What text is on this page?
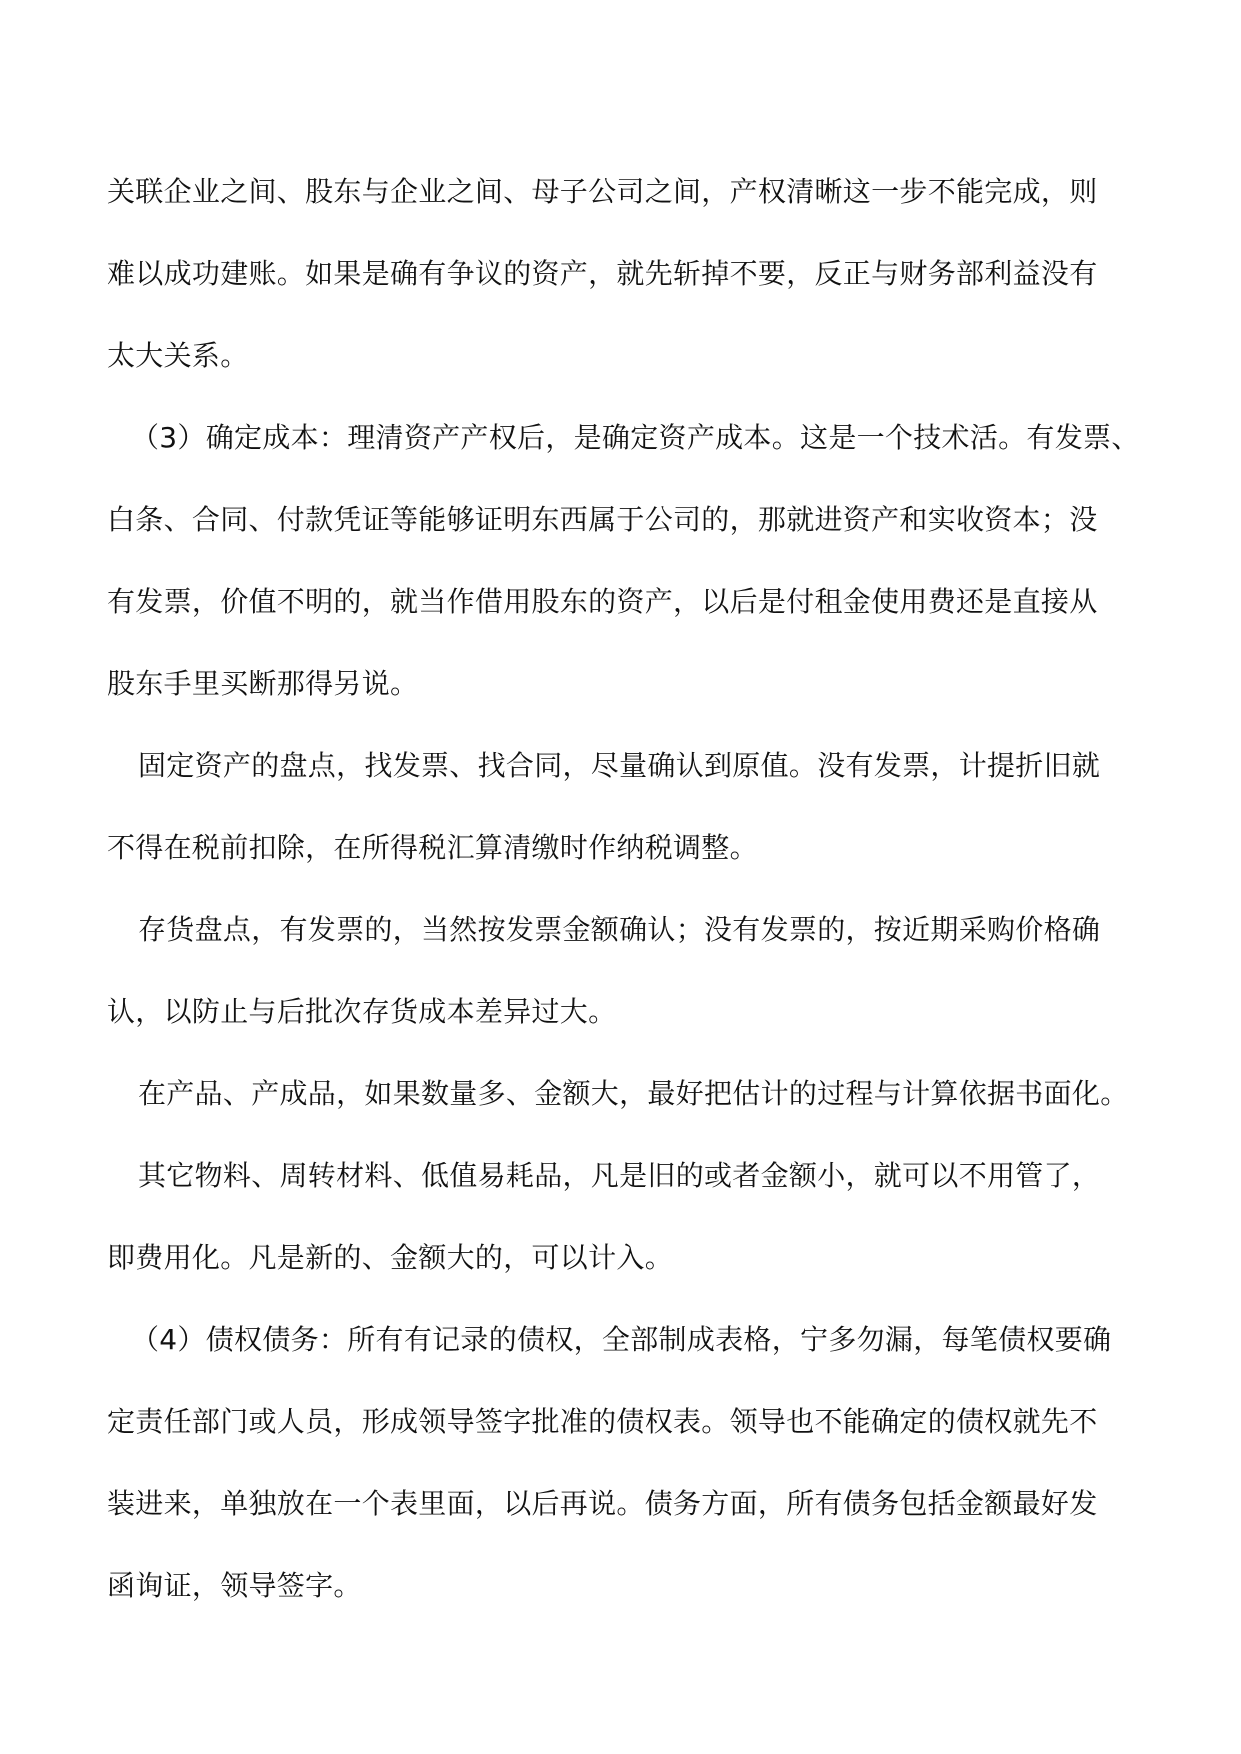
关联企业之间、股东与企业之间、母子公司之间，产权清晰这一步不能完成，则
难以成功建账。如果是确有争议的资产，就先斩掉不要，反正与财务部利益没有
太大关系。
（3）确定成本：理清资产产权后，是确定资产成本。这是一个技术活。有发票、
白条、合同、付款凭证等能够证明东西属于公司的，那就进资产和实收资本；没
有发票，价值不明的，就当作借用股东的资产，以后是付租金使用费还是直接从
股东手里买断那得另说。
固定资产的盘点，找发票、找合同，尽量确认到原值。没有发票，计提折旧就
不得在税前扣除，在所得税汇算清缴时作纳税调整。
存货盘点，有发票的，当然按发票金额确认；没有发票的，按近期采购价格确
认，以防止与后批次存货成本差异过大。
在产品、产成品，如果数量多、金额大，最好把估计的过程与计算依据书面化。
其它物料、周转材料、低值易耗品，凡是旧的或者金额小，就可以不用管了，
即费用化。凡是新的、金额大的，可以计入。
（4）债权债务：所有有记录的债权，全部制成表格，宁多勿漏，每笔债权要确
定责任部门或人员，形成领导签字批准的债权表。领导也不能确定的债权就先不
装进来，单独放在一个表里面，以后再说。债务方面，所有债务包括金额最好发
函询证，领导签字。
